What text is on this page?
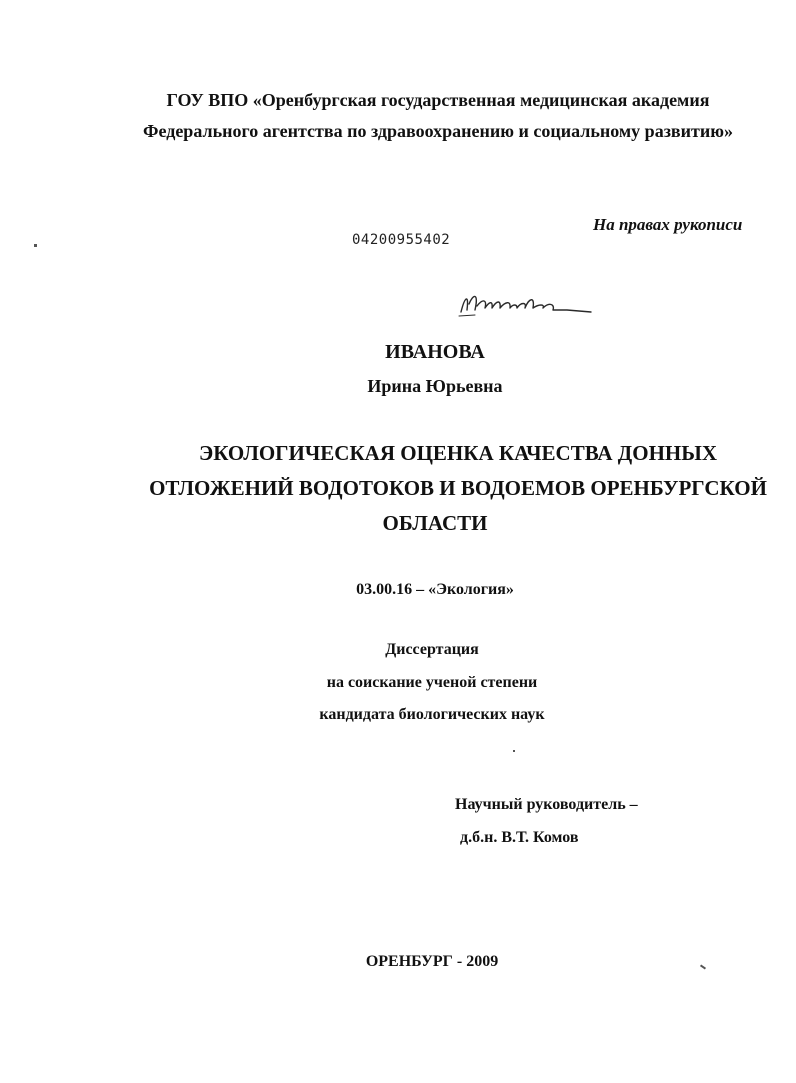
ГОУ ВПО «Оренбургская государственная медицинская академия
Федерального агентства по здравоохранению и социальному развитию»
На правах рукописи
04200955402
ИВАНОВА
Ирина Юрьевна
ЭКОЛОГИЧЕСКАЯ ОЦЕНКА КАЧЕСТВА ДОННЫХ
ОТЛОЖЕНИЙ ВОДОТОКОВ И ВОДОЕМОВ ОРЕНБУРГСКОЙ
ОБЛАСТИ
03.00.16 – «Экология»
Диссертация
на соискание ученой степени
кандидата биологических наук
Научный руководитель –
д.б.н. В.Т. Комов
ОРЕНБУРГ - 2009
